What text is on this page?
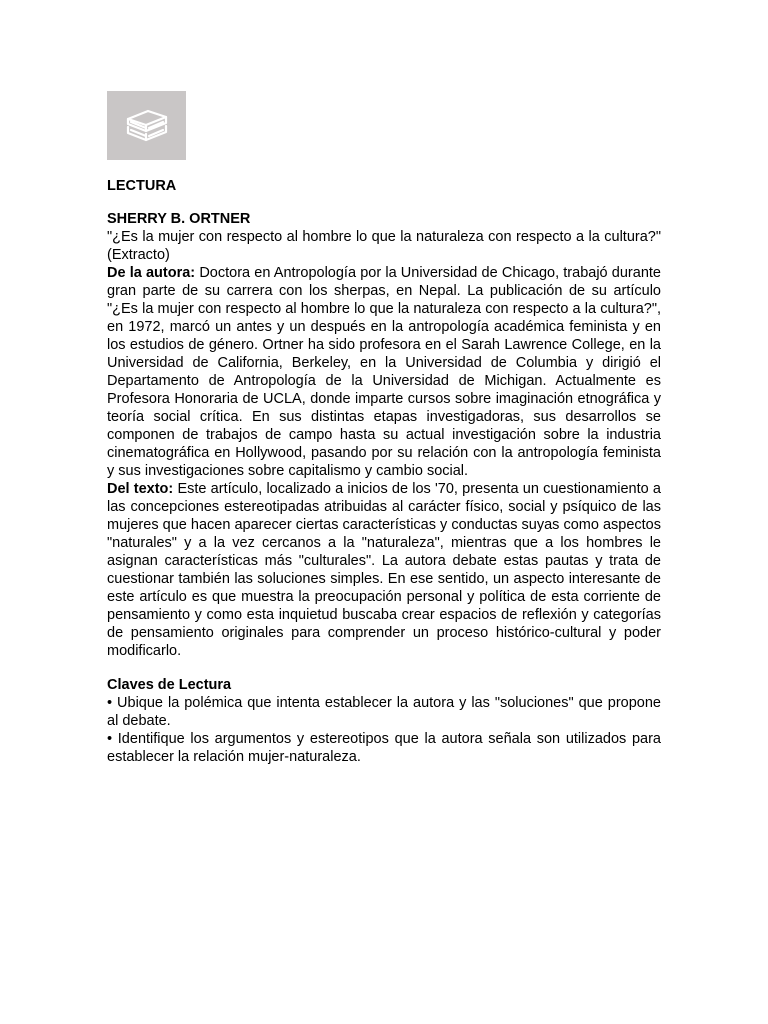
LECTURA

SHERRY B. ORTNER

"¿Es la mujer con respecto al hombre lo que la naturaleza con respecto a la cultura?" (Extracto)

De la autora: Doctora en Antropología por la Universidad de Chicago, trabajó durante gran parte de su carrera con los sherpas, en Nepal. La publicación de su artículo "¿Es la mujer con respecto al hombre lo que la naturaleza con respecto a la cultura?", en 1972, marcó un antes y un después en la antropología académica feminista y en los estudios de género. Ortner ha sido profesora en el Sarah Lawrence College, en la Universidad de California, Berkeley, en la Universidad de Columbia y dirigió el Departamento de Antropología de la Universidad de Michigan. Actualmente es Profesora Honoraria de UCLA, donde imparte cursos sobre imaginación etnográfica y teoría social crítica. En sus distintas etapas investigadoras, sus desarrollos se componen de trabajos de campo hasta su actual investigación sobre la industria cinematográfica en Hollywood, pasando por su relación con la antropología feminista y sus investigaciones sobre capitalismo y cambio social.

Del texto: Este artículo, localizado a inicios de los '70, presenta un cuestionamiento a las concepciones estereotipadas atribuidas al carácter físico, social y psíquico de las mujeres que hacen aparecer ciertas características y conductas suyas como aspectos "naturales" y a la vez cercanos a la "naturaleza", mientras que a los hombres le asignan características más "culturales". La autora debate estas pautas y trata de cuestionar también las soluciones simples. En ese sentido, un aspecto interesante de este artículo es que muestra la preocupación personal y política de esta corriente de pensamiento y como esta inquietud buscaba crear espacios de reflexión y categorías de pensamiento originales para comprender un proceso histórico-cultural y poder modificarlo.

Claves de Lectura

• Ubique la polémica que intenta establecer la autora y las "soluciones" que propone al debate.

• Identifique los argumentos y estereotipos que la autora señala son utilizados para establecer la relación mujer-naturaleza.
